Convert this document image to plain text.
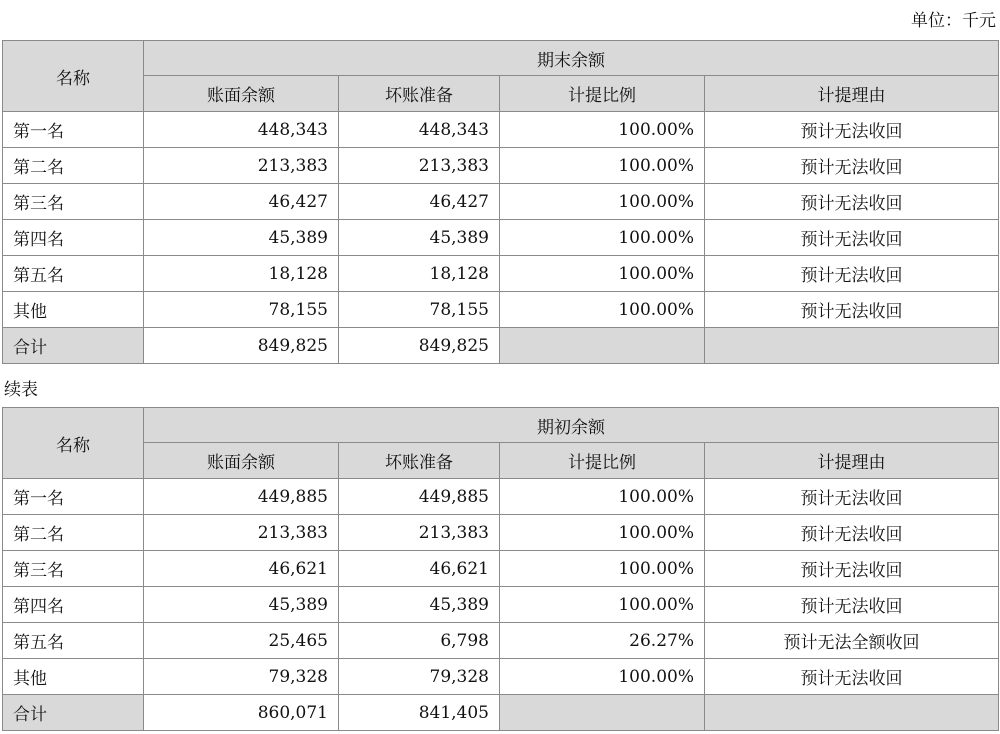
单位：千元
名称	期末余额			
	账面余额	坏账准备	计提比例	计提理由
第一名	448,343	448,343	100.00%	预计无法收回
第二名	213,383	213,383	100.00%	预计无法收回
第三名	46,427	46,427	100.00%	预计无法收回
第四名	45,389	45,389	100.00%	预计无法收回
第五名	18,128	18,128	100.00%	预计无法收回
其他	78,155	78,155	100.00%	预计无法收回
合计	849,825	849,825		
续表
名称	期初余额			
	账面余额	坏账准备	计提比例	计提理由
第一名	449,885	449,885	100.00%	预计无法收回
第二名	213,383	213,383	100.00%	预计无法收回
第三名	46,621	46,621	100.00%	预计无法收回
第四名	45,389	45,389	100.00%	预计无法收回
第五名	25,465	6,798	26.27%	预计无法全额收回
其他	79,328	79,328	100.00%	预计无法收回
合计	860,071	841,405		
